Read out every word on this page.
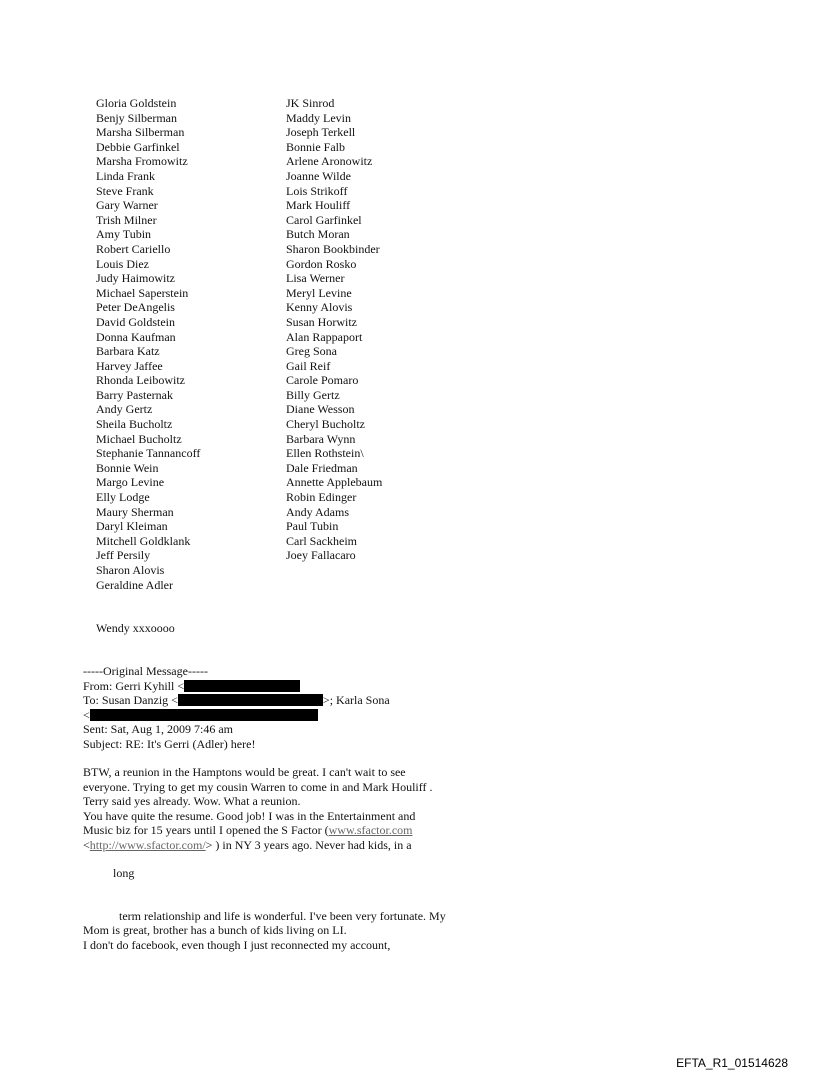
Gloria Goldstein
Benjy Silberman
Marsha Silberman
Debbie Garfinkel
Marsha Fromowitz
Linda Frank
Steve Frank
Gary Warner
Trish Milner
Amy Tubin
Robert Cariello
Louis Diez
Judy Haimowitz
Michael Saperstein
Peter DeAngelis
David Goldstein
Donna Kaufman
Barbara Katz
Harvey Jaffee
Rhonda Leibowitz
Barry Pasternak
Andy Gertz
Sheila Bucholtz
Michael Bucholtz
Stephanie Tannancoff
Bonnie Wein
Margo Levine
Elly Lodge
Maury Sherman
Daryl Kleiman
Mitchell Goldklank
Jeff Persily
Sharon Alovis
Geraldine Adler
JK Sinrod
Maddy Levin
Joseph Terkell
Bonnie Falb
Arlene Aronowitz
Joanne Wilde
Lois Strikoff
Mark Houliff
Carol Garfinkel
Butch Moran
Sharon Bookbinder
Gordon Rosko
Lisa Werner
Meryl Levine
Kenny Alovis
Susan Horwitz
Alan Rappaport
Greg Sona
Gail Reif
Carole Pomaro
Billy Gertz
Diane Wesson
Cheryl Bucholtz
Barbara Wynn
Ellen Rothstein\
Dale Friedman
Annette Applebaum
Robin Edinger
Andy Adams
Paul Tubin
Carl Sackheim
Joey Fallacaro
Wendy xxxoooo
-----Original Message-----
From: Gerri Kyhill <
To: Susan Danzig <	>; Karla Sona
<
Sent: Sat, Aug 1, 2009 7:46 am
Subject: RE: It's Gerri (Adler) here!
BTW, a reunion in the Hamptons would be great. I can't wait to see
everyone. Trying to get my cousin Warren to come in and Mark Houliff .
Terry said yes already. Wow. What a reunion.
You have quite the resume. Good job! I was in the Entertainment and
Music biz for 15 years until I opened the S Factor (www.sfactor.com
<http://www.sfactor.com/> ) in NY 3 years ago. Never had kids, in a
long
term relationship and life is wonderful. I've been very fortunate. My
Mom is great, brother has a bunch of kids living on LI.
I don't do facebook, even though I just reconnected my account,
EFTA_R1_01514628
